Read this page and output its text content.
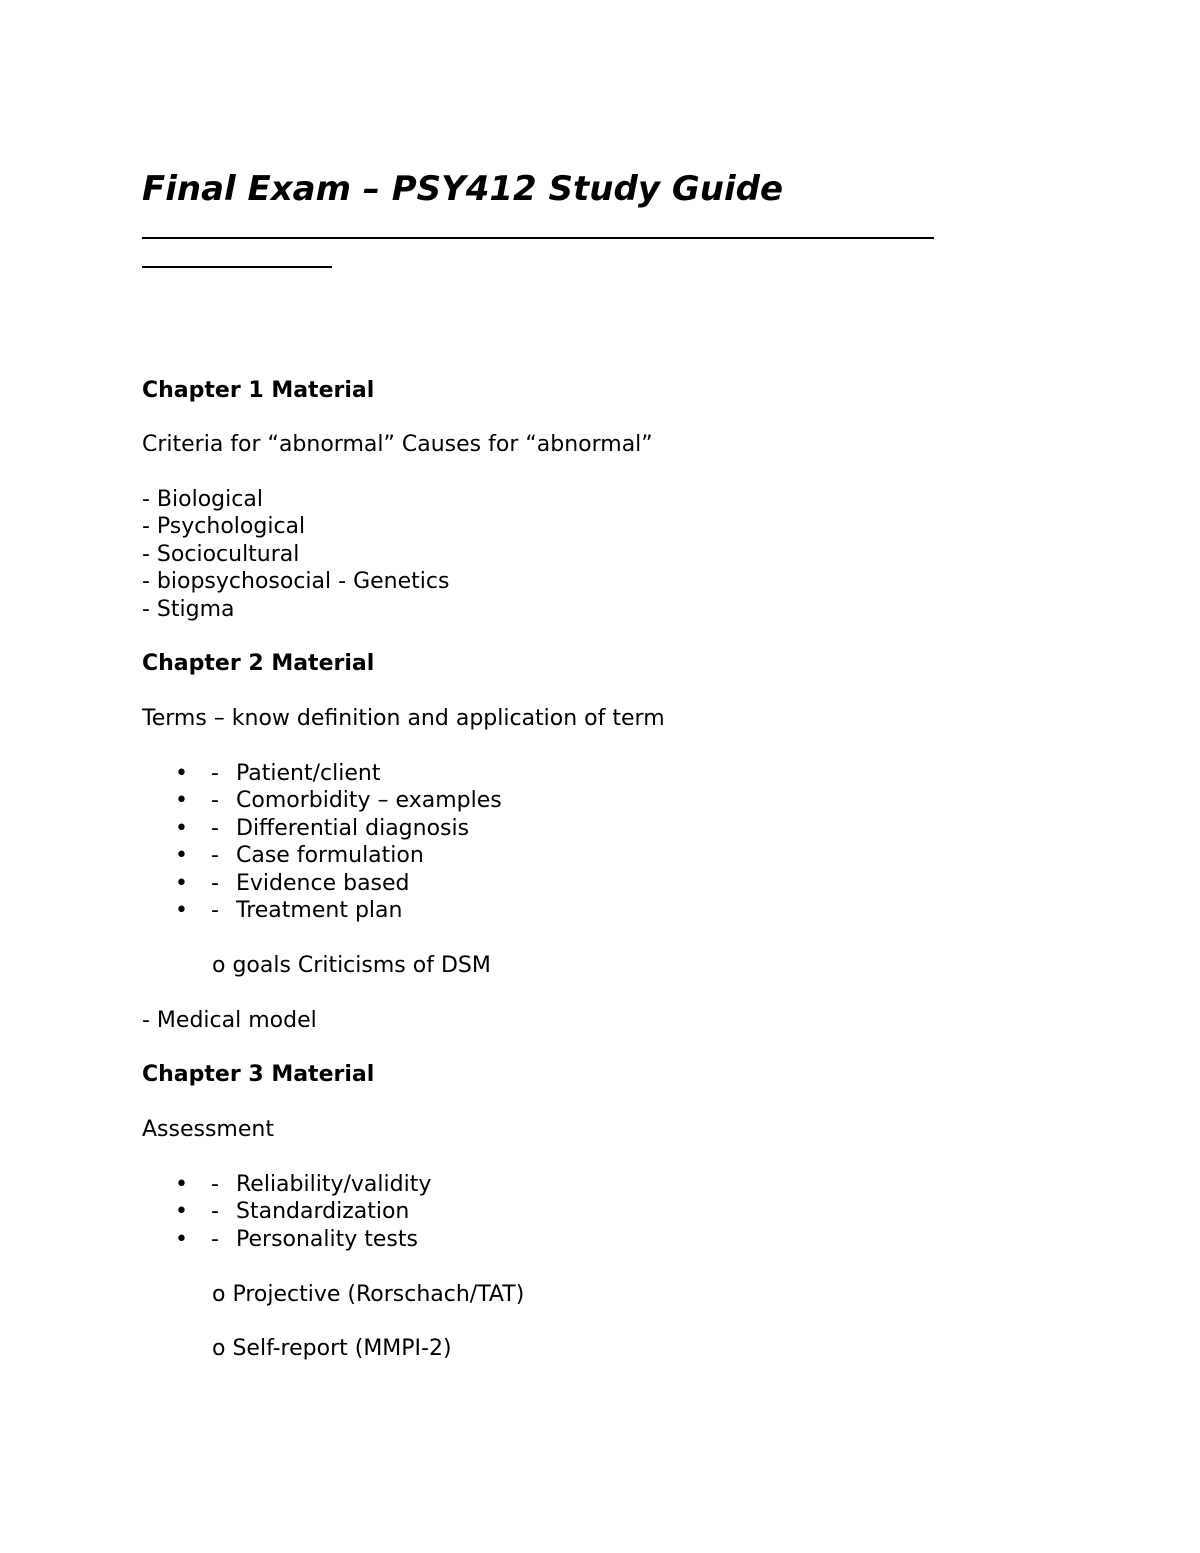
Final Exam – PSY412 Study Guide

Chapter 1 Material

Criteria for “abnormal” Causes for “abnormal”

- Biological

- Psychological

- Sociocultural

- biopsychosocial - Genetics

- Stigma

Chapter 2 Material

Terms – know definition and application of term

• - Patient/client
• - Comorbidity – examples
• - Differential diagnosis
• - Case formulation
• - Evidence based
• - Treatment plan

o goals Criticisms of DSM

- Medical model

Chapter 3 Material

Assessment

• - Reliability/validity
• - Standardization
• - Personality tests

o Projective (Rorschach/TAT)

o Self-report (MMPI-2)
